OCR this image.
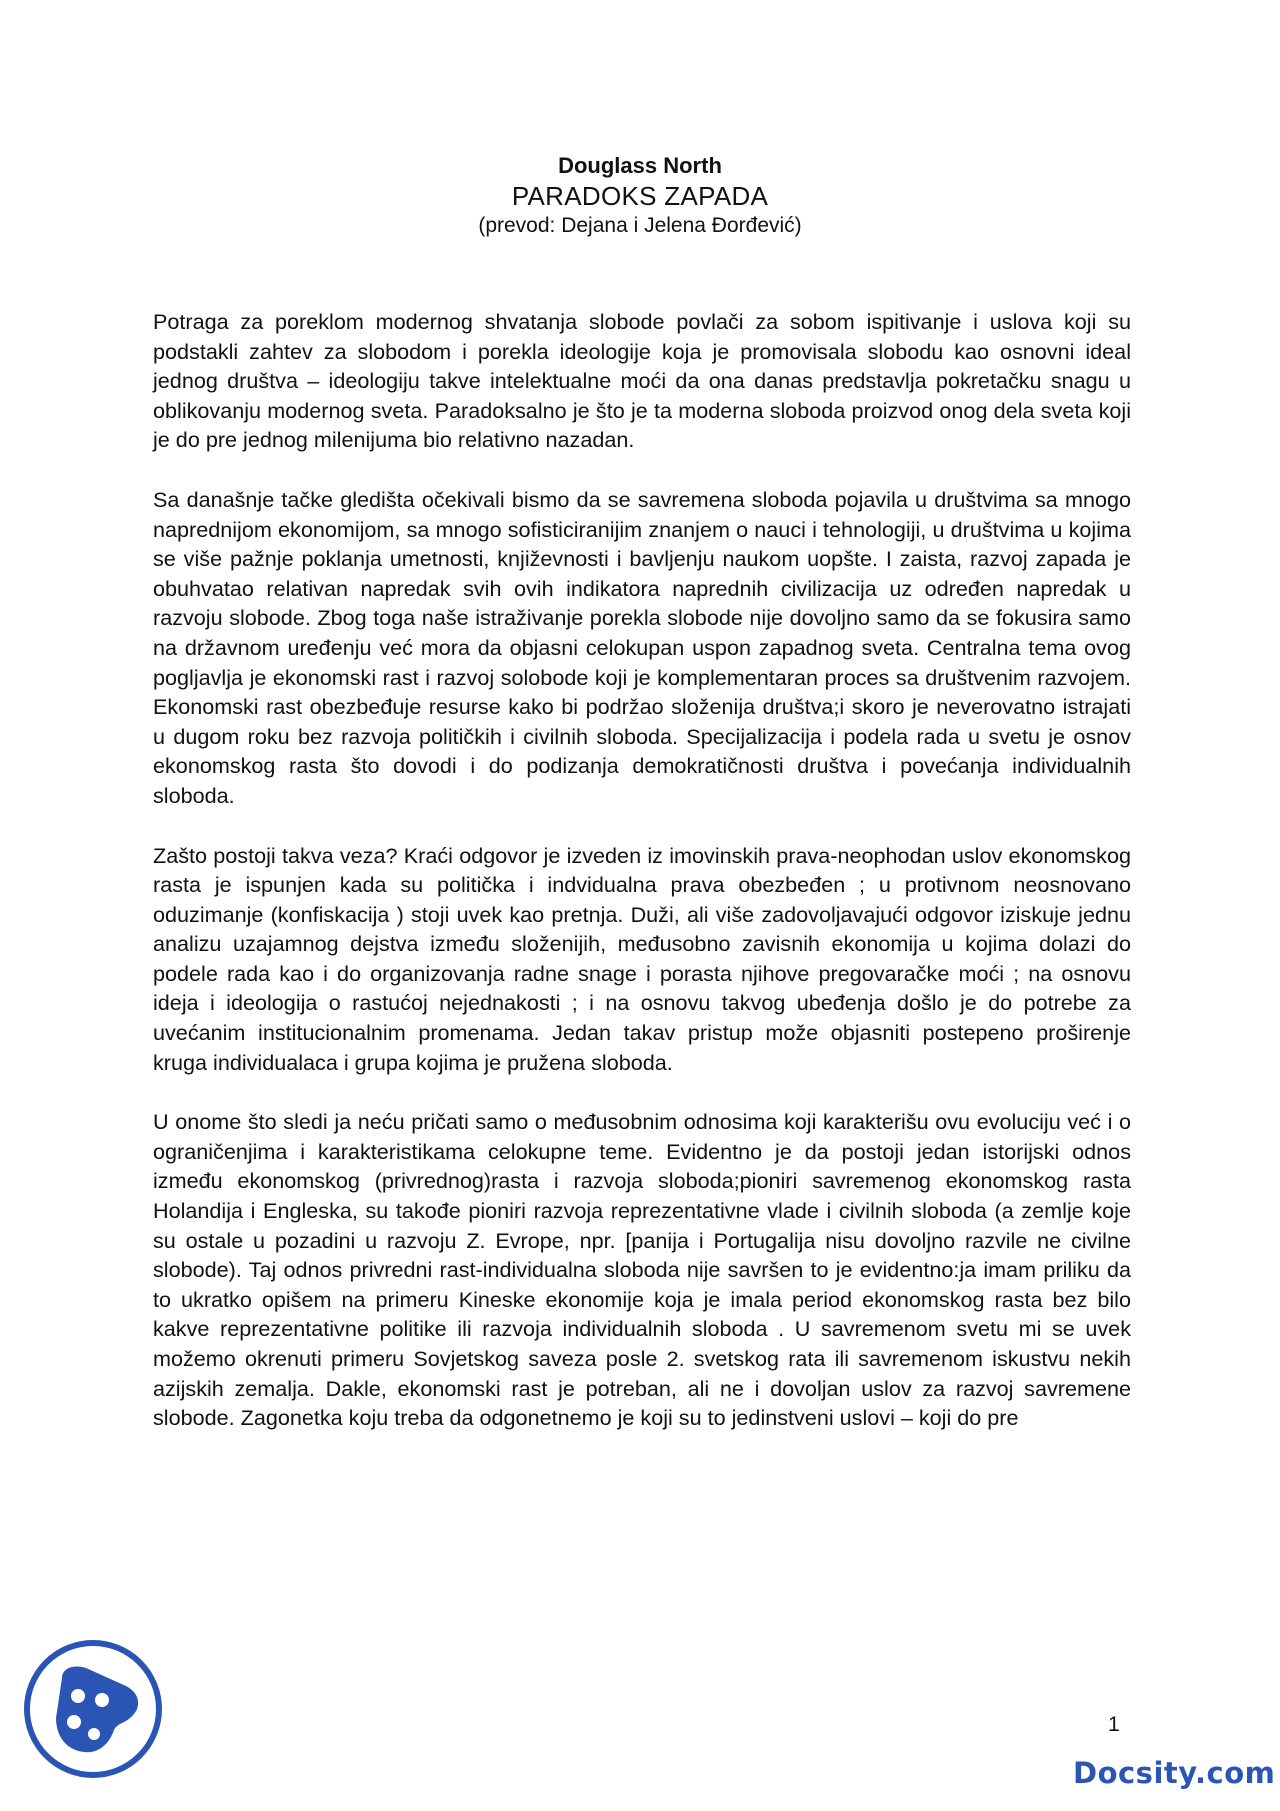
Douglass North
PARADOKS ZAPADA
(prevod: Dejana i Jelena Đorđević)

Potraga za poreklom modernog shvatanja slobode povlači za sobom ispitivanje i uslova koji su podstakli zahtev za slobodom i porekla ideologije koja je promovisala slobodu kao osnovni ideal jednog društva – ideologiju takve intelektualne moći da ona danas predstavlja pokretačku snagu u oblikovanju modernog sveta. Paradoksalno je što je ta moderna sloboda proizvod onog dela sveta koji je do pre jednog milenijuma bio relativno nazadan.

Sa današnje tačke gledišta očekivali bismo da se savremena sloboda pojavila u društvima sa mnogo naprednijom ekonomijom, sa mnogo sofisticiranijim znanjem o nauci i tehnologiji, u društvima u kojima se više pažnje poklanja umetnosti, književnosti i bavljenju naukom uopšte. I zaista, razvoj zapada je obuhvatao relativan napredak svih ovih indikatora naprednih civilizacija uz određen napredak u razvoju slobode. Zbog toga naše istraživanje porekla slobode nije dovoljno samo da se fokusira samo na državnom uređenju već mora da objasni celokupan uspon zapadnog sveta. Centralna tema ovog pogljavlja je ekonomski rast i razvoj solobode koji je komplementaran proces sa društvenim razvojem. Ekonomski rast obezbeđuje resurse kako bi podržao složenija društva;i skoro je neverovatno istrajati u dugom roku bez razvoja političkih i civilnih sloboda. Specijalizacija i podela rada u svetu je osnov ekonomskog rasta što dovodi i do podizanja demokratičnosti društva i povećanja individualnih sloboda.

Zašto postoji takva veza? Kraći odgovor je izveden iz imovinskih prava-neophodan uslov ekonomskog rasta je ispunjen kada su politička i indvidualna prava obezbeđen ; u protivnom neosnovano oduzimanje (konfiskacija ) stoji uvek kao pretnja. Duži, ali više zadovoljavajući odgovor iziskuje jednu analizu uzajamnog dejstva između složenijih, međusobno zavisnih ekonomija u kojima dolazi do podele rada kao i do organizovanja radne snage i porasta njihove pregovaračke moći ; na osnovu ideja i ideologija o rastućoj nejednakosti ; i na osnovu takvog ubeđenja došlo je do potrebe za uvećanim institucionalnim promenama. Jedan takav pristup može objasniti postepeno proširenje kruga individualaca i grupa kojima je pružena sloboda.

U onome što sledi ja neću pričati samo o međusobnim odnosima koji karakterišu ovu evoluciju već i o ograničenjima i karakteristikama celokupne teme. Evidentno je da postoji jedan istorijski odnos između ekonomskog (privrednog)rasta i razvoja sloboda;pioniri savremenog ekonomskog rasta Holandija i Engleska, su takođe pioniri razvoja reprezentativne vlade i civilnih sloboda (a zemlje koje su ostale u pozadini u razvoju Z. Evrope, npr. [panija i Portugalija nisu dovoljno razvile ne civilne slobode). Taj odnos privredni rast-individualna sloboda nije savršen to je evidentno:ja imam priliku da to ukratko opišem na primeru Kineske ekonomije koja je imala period ekonomskog rasta bez bilo kakve reprezentativne politike ili razvoja individualnih sloboda . U savremenom svetu mi se uvek možemo okrenuti primeru Sovjetskog saveza posle 2. svetskog rata ili savremenom iskustvu nekih azijskih zemalja. Dakle, ekonomski rast je potreban, ali ne i dovoljan uslov za razvoj savremene slobode. Zagonetka koju treba da odgonetnemo je koji su to jedinstveni uslovi – koji do pre

1
Docsity.com
